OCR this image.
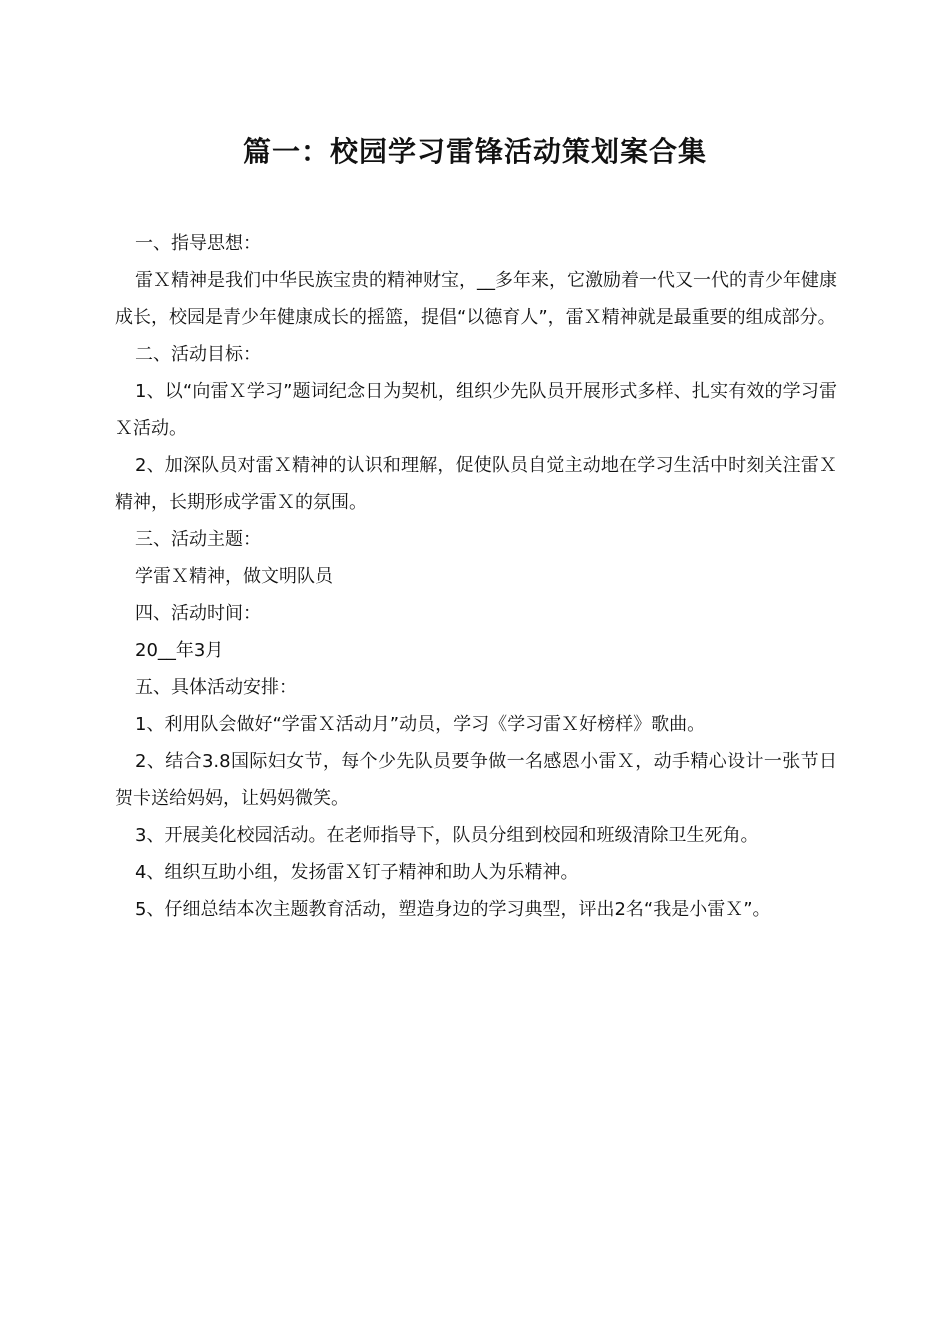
篇一：校园学习雷锋活动策划案合集

一、指导思想：

雷Ｘ精神是我们中华民族宝贵的精神财宝，__多年来，它激励着一代又一代的青少年健康成长，校园是青少年健康成长的摇篮，提倡“以德育人”，雷Ｘ精神就是最重要的组成部分。

二、活动目标：

1、以“向雷Ｘ学习”题词纪念日为契机，组织少先队员开展形式多样、扎实有效的学习雷Ｘ活动。

2、加深队员对雷Ｘ精神的认识和理解，促使队员自觉主动地在学习生活中时刻关注雷Ｘ精神，长期形成学雷Ｘ的氛围。

三、活动主题：

学雷Ｘ精神，做文明队员

四、活动时间：

20__年3月

五、具体活动安排：

1、利用队会做好“学雷Ｘ活动月”动员，学习《学习雷Ｘ好榜样》歌曲。

2、结合3.8国际妇女节，每个少先队员要争做一名感恩小雷Ｘ，动手精心设计一张节日贺卡送给妈妈，让妈妈微笑。

3、开展美化校园活动。在老师指导下，队员分组到校园和班级清除卫生死角。

4、组织互助小组，发扬雷Ｘ钉子精神和助人为乐精神。

5、仔细总结本次主题教育活动，塑造身边的学习典型，评出2名“我是小雷Ｘ”。
